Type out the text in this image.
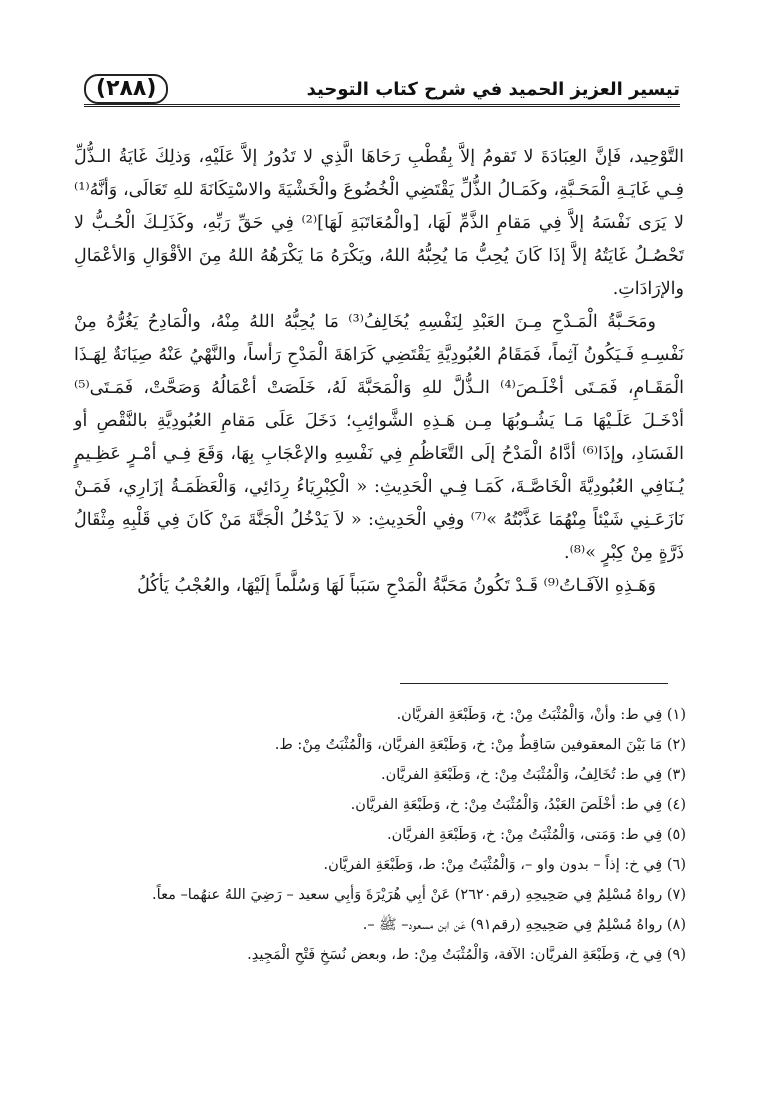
تيسير العزيز الحميد في شرح كتاب التوحيد
(
٢٨٨
)

التَّوْحِيد، فَإنَّ العِبَادَةَ لا تَقومُ إلاَّ بِقُطْبِ رَحَاهَا الَّذِي لا تَدُورُ إلاَّ عَلَيْهِ، وَذلِكَ غَايَةُ الـذُّلِّ فِـي غَايَـةِ الْمَحَـبَّةِ، وكَمَـالُ الذُّلِّ يَقْتَضِي الْخُضُوعَ والْخَشْيَةَ والاسْتِكَانَةَ للهِ تَعَالَى، وَأنَّهُ⁽¹⁾ لا يَرَى نَفْسَهُ إلاَّ فِي مَقامِ الذَّمِّ لَهَا، [والْمُعَاتَبَةِ لَهَا]⁽²⁾ فِي حَقِّ رَبِّهِ، وكَذَلِـكَ الْحُـبُّ لا تَحْصُـلُ غَايَتُهُ إلاَّ إذَا كَانَ يُحِبُّ مَا يُحِبُّهُ اللهُ، ويَكْرَهُ مَا يَكْرَهُهُ اللهُ مِنَ الأقْوَالِ وَالأعْمَالِ والإرَادَاتِ.

ومَحَـبَّةُ الْمَـدْحِ مِـنَ العَبْدِ لِنَفْسِهِ يُخَالِفُ⁽³⁾ مَا يُحِبُّهُ اللهُ مِنْهُ، والْمَادِحُ يَغُرُّهُ مِنْ نَفْسِـهِ فَـيَكُونُ آثِماً، فَمَقَامُ العُبُودِيَّةِ يَقْتَضِي كَرَاهَةَ الْمَدْحِ رَأساً، والنَّهْيُ عَنْهُ صِيَانَةٌ لِهَـذَا الْمَقَـامِ، فَمَـتَى أخْلَـصَ⁽⁴⁾ الـذُّلَّ للهِ وَالْمَحَبَّةَ لَهُ، خَلَصَتْ أعْمَالُهُ وَصَحَّتْ، فَمَـتَى⁽⁵⁾ أدْخَـلَ عَلَـيْهَا مَـا يَشُـوبُهَا مِـن هَـذِهِ الشَّوائِبِ؛ دَخَلَ عَلَى مَقامِ العُبُودِيَّةِ بالنَّقْصِ أو الفَسَادِ، وإذَا⁽⁶⁾ أدَّاهُ الْمَدْحُ إلَى التَّعَاظُمِ فِي نَفْسِهِ والإعْجَابِ بِهَا، وَقَعَ فِـي أمْـرٍ عَظِـيمٍ يُـنَافِي العُبُودِيَّةَ الْخَاصَّـةَ، كَمَـا فِـي الْحَدِيثِ: « الْكِبْرِيَاءُ رِدَائِي، وَالْعَظَمَـةُ إزَارِي، فَمَـنْ نَازَعَـنِي شَيْئاً مِنْهُمَا عَذَّبْتُهُ »⁽⁷⁾ وفِي الْحَدِيثِ: « لاَ يَدْخُلُ الْجَنَّةَ مَنْ كَانَ فِي قَلْبِهِ مِثْقَالُ ذَرَّةٍ مِنْ كِبْرٍ »⁽⁸⁾.

وَهَـذِهِ الآفَـاتُ⁽⁹⁾ قَـدْ تَكُونُ مَحَبَّةُ الْمَدْحِ سَبَباً لَهَا وَسُلَّماً إلَيْهَا، والعُجْبُ يَأكُلُ

(١) فِي ط: وأنْ، وَالْمُثْبَتُ مِنْ: خ، وَطَبْعَةِ الفريَّان.

(٢) مَا بَيْنَ المعقوفين سَاقِطٌ مِنْ: خ، وَطَبْعَةِ الفريَّان، وَالْمُثْبَتُ مِنْ: ط.

(٣) فِي ط: تُخَالِفُ، وَالْمُثْبَتُ مِنْ: خ، وَطَبْعَةِ الفريَّان.

(٤) فِي ط: أخْلَصَ العَبْدُ، وَالْمُثْبَتُ مِنْ: خ، وَطَبْعَةِ الفريَّان.

(٥) فِي ط: وَمَتى، وَالْمُثْبَتُ مِنْ: خ، وَطَبْعَةِ الفريَّان.

(٦) فِي خ: إذاً – بدون واو –، وَالْمُثْبَتُ مِنْ: ط، وَطَبْعَةِ الفريَّان.

(٧) رواهُ مُسْلِمٌ فِي صَحِيحِهِ (رقم٢٦٢٠) عَنْ أبِي هُرَيْرَةَ وَأبِي سعيد – رَضِيَ اللهُ عنهُما– معاً.

(٨) رواهُ مُسْلِمٌ فِي صَحِيحِهِ (رقم٩١) عَن ابن مسعود– ﷺ –.

(٩) فِي خ، وَطَبْعَةِ الفريَّان: الآفة، وَالْمُثْبَتُ مِنْ: ط، وبعض نُسَخِ فَتْحِ الْمَجِيدِ.
